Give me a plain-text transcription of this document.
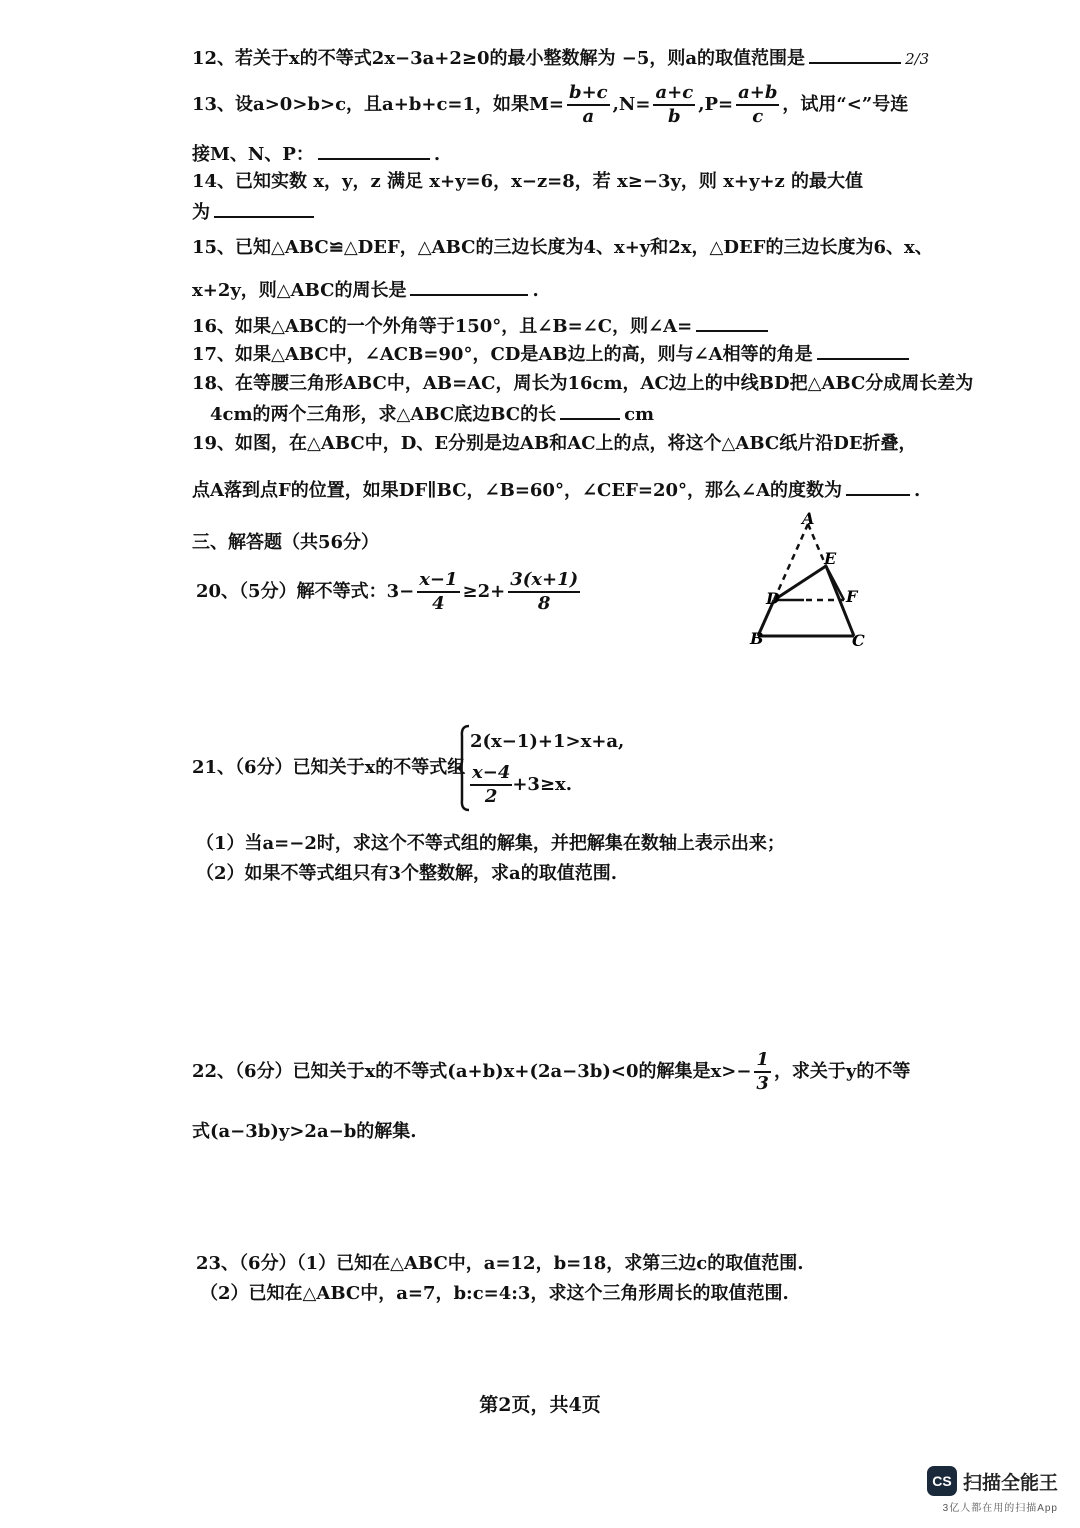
12、若关于x的不等式2x−3a+2≥0的最小整数解为 −5，则a的取值范围是	2/3
13、设a>0>b>c，且a+b+c=1，如果$M= \frac{b+c}{a} ,N= \frac{a+c}{b} ,P= \frac{a+b}{c}$ ，试用“<”号连
接M、N、P：	.
14、已知实数 x，y，z 满足 x+y=6，x−z=8，若 x≥−3y，则 x+y+z 的最大值
为
15、已知△ABC≌△DEF，△ABC的三边长度为4、x+y和2x，△DEF的三边长度为6、x、
x+2y，则△ABC的周长是	.
16、如果△ABC的一个外角等于150°，且∠B=∠C，则∠A=
17、如果△ABC中，∠ACB=90°，CD是AB边上的高，则与∠A相等的角是
18、在等腰三角形ABC中，AB=AC，周长为16cm，AC边上的中线BD把△ABC分成周长差为
4cm的两个三角形，求△ABC底边BC的长	cm
19、如图，在△ABC中，D、E分别是边AB和AC上的点，将这个△ABC纸片沿DE折叠，
点A落到点F的位置，如果DF∥BC，∠B=60°，∠CEF=20°，那么∠A的度数为	.
三、解答题（共56分）
A
E
D	F
B	C
20、（5分）解不等式：$3- \frac{x-1}{4} \ge 2+ \frac{3(x+1)}{8}$
21、（6分）已知关于x的不等式组
2(x−1)+1>x+a,
$\frac{x-4}{2} +3\ge x$.
（1）当a=−2时，求这个不等式组的解集，并把解集在数轴上表示出来；
（2）如果不等式组只有3个整数解，求a的取值范围.
22、（6分）已知关于x的不等式(a+b)x+(2a−3b)<0的解集是$x>- \frac{1}{3}$ ，求关于y的不等
式(a−3b)y>2a−b的解集.
23、（6分）（1）已知在△ABC中，a=12，b=18，求第三边c的取值范围.
（2）已知在△ABC中，a=7，b:c=4:3，求这个三角形周长的取值范围.
第2页，共4页
CS 扫描全能王
3亿人都在用的扫描App
